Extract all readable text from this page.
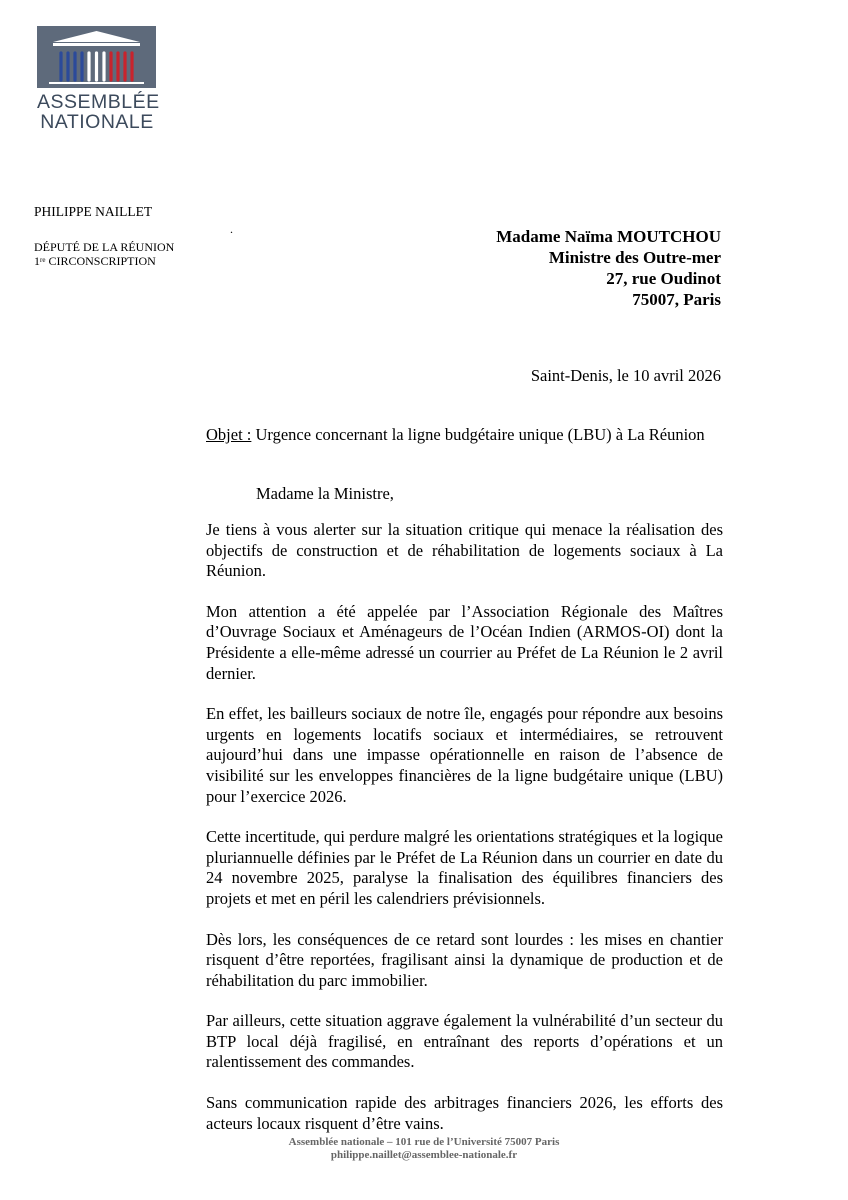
ASSEMBLÉE
NATIONALE
PHILIPPE NAILLET
DÉPUTÉ DE LA RÉUNION
1re CIRCONSCRIPTION
.	Madame Naïma MOUTCHOU
Ministre des Outre-mer
27, rue Oudinot
75007, Paris
Saint-Denis, le 10 avril 2026
Objet : Urgence concernant la ligne budgétaire unique (LBU) à La Réunion
Madame la Ministre,

Je tiens à vous alerter sur la situation critique qui menace la réalisation des objectifs de construction et de réhabilitation de logements sociaux à La Réunion.

Mon attention a été appelée par l’Association Régionale des Maîtres d’Ouvrage Sociaux et Aménageurs de l’Océan Indien (ARMOS-OI) dont la Présidente a elle-même adressé un courrier au Préfet de La Réunion le 2 avril dernier.

En effet, les bailleurs sociaux de notre île, engagés pour répondre aux besoins urgents en logements locatifs sociaux et intermédiaires, se retrouvent aujourd’hui dans une impasse opérationnelle en raison de l’absence de visibilité sur les enveloppes financières de la ligne budgétaire unique (LBU) pour l’exercice 2026.

Cette incertitude, qui perdure malgré les orientations stratégiques et la logique pluriannuelle définies par le Préfet de La Réunion dans un courrier en date du 24 novembre 2025, paralyse la finalisation des équilibres financiers des projets et met en péril les calendriers prévisionnels.

Dès lors, les conséquences de ce retard sont lourdes : les mises en chantier risquent d’être reportées, fragilisant ainsi la dynamique de production et de réhabilitation du parc immobilier.

Par ailleurs, cette situation aggrave également la vulnérabilité d’un secteur du BTP local déjà fragilisé, en entraînant des reports d’opérations et un ralentissement des commandes.

Sans communication rapide des arbitrages financiers 2026, les efforts des acteurs locaux risquent d’être vains.

Assemblée nationale – 101 rue de l’Université 75007 Paris
philippe.naillet@assemblee-nationale.fr
